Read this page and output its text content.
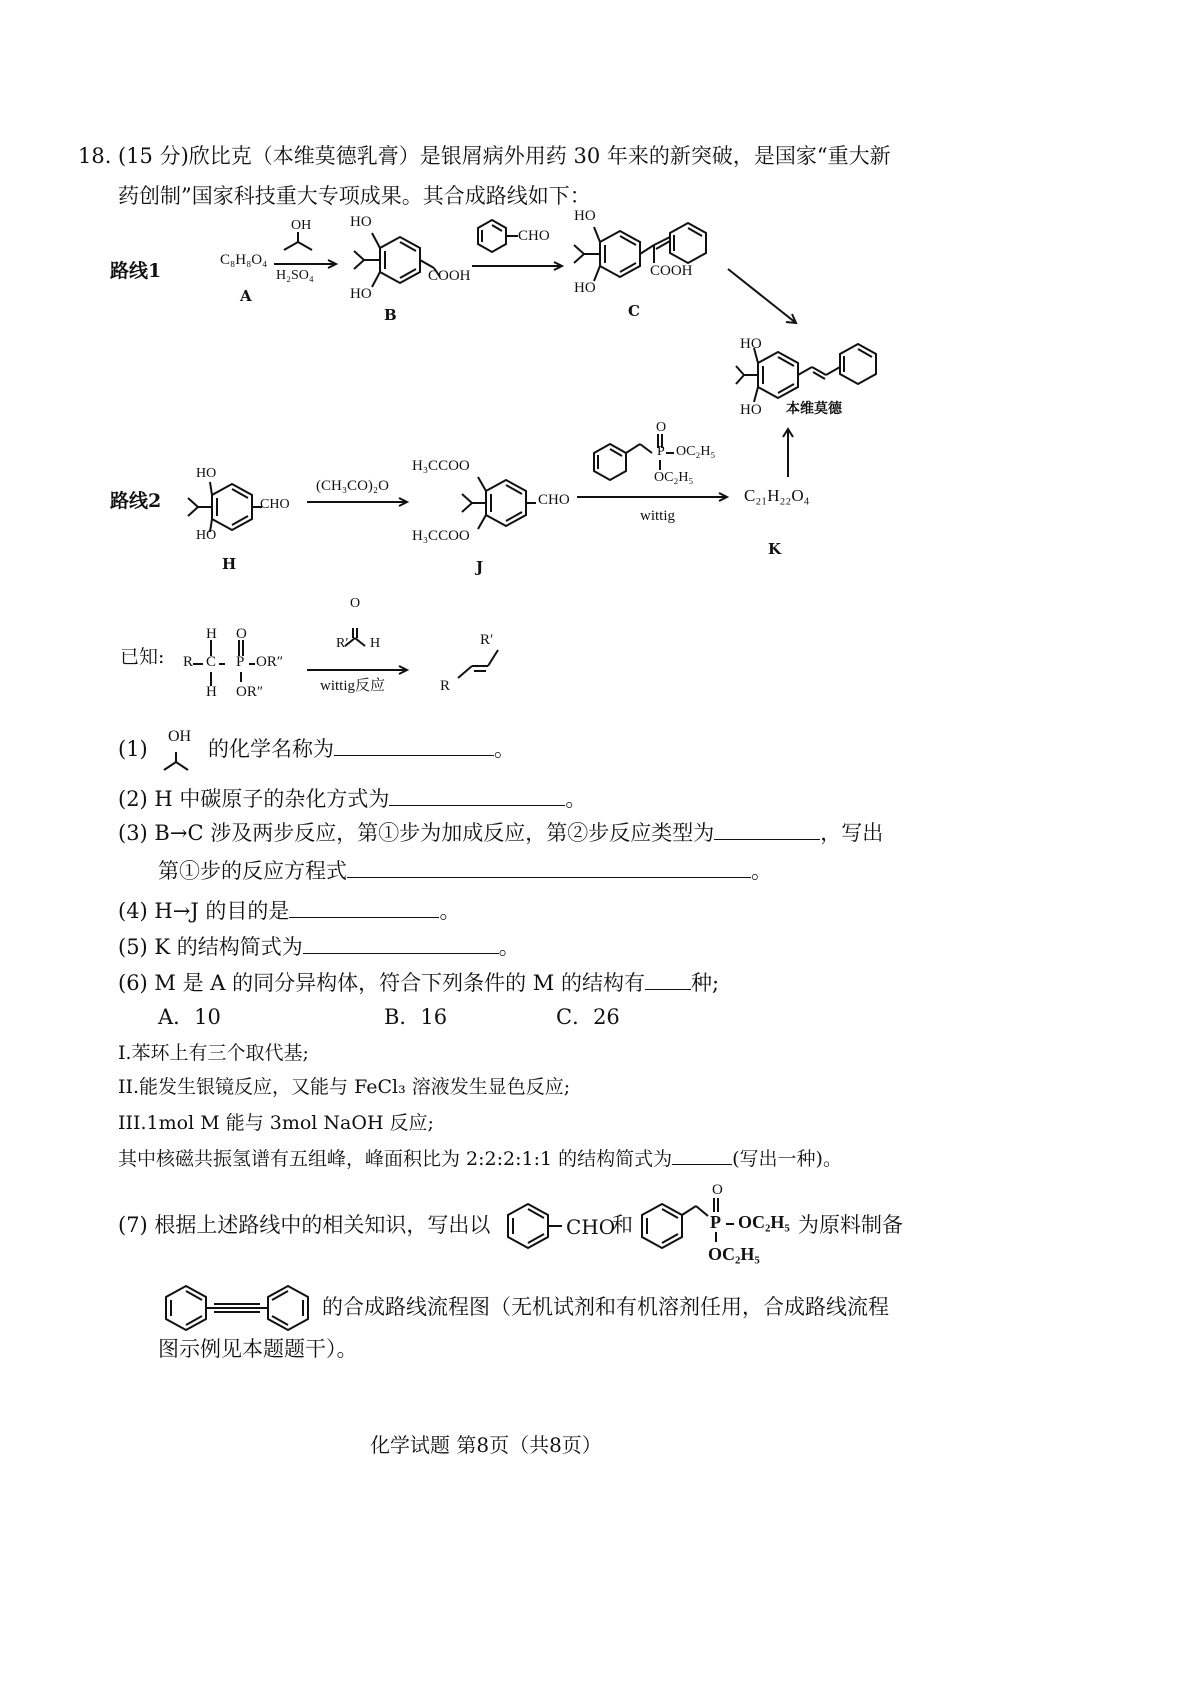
18. (15 分)欣比克（本维莫德乳膏）是银屑病外用药 30 年来的新突破，是国家“重大新
药创制”国家科技重大专项成果。其合成路线如下：
路线1	C₈H₈O₄
A
OH
H₂SO₄
HO
HO
COOH
B
CHO
HO
HO
COOH
C
HO
HO 本维莫德
路线2
HO
HO
CHO
H
(CH₃CO)₂O
H₃CCOO
H₃CCOO
CHO
J
O
P OC₂H₅
OC₂H₅
wittig
C₂₁H₂₂O₄
K
已知: R
H
C
H
O
P OR″
OR″
O
R′ H
wittig反应	R
R′
(1)
OH
的化学名称为	。
(2) H 中碳原子的杂化方式为	。
(3) B→C 涉及两步反应，第①步为加成反应，第②步反应类型为	，写出
第①步的反应方程式	。
(4) H→J 的目的是	。
(5) K 的结构简式为	。
(6) M 是 A 的同分异构体，符合下列条件的 M 的结构有 种;
A．10	B．16	C．26
I.苯环上有三个取代基;
II.能发生银镜反应，又能与 FeCl₃ 溶液发生显色反应;
III.1mol M 能与 3mol NaOH 反应;
其中核磁共振氢谱有五组峰，峰面积比为 2:2:2:1:1 的结构简式为	(写出一种)。
(7) 根据上述路线中的相关知识，写出以	CHO
和
O
P OC₂H₅
OC₂H₅
为原料制备
的合成路线流程图（无机试剂和有机溶剂任用，合成路线流程
图示例见本题题干）。
化学试题 第8页（共8页）
